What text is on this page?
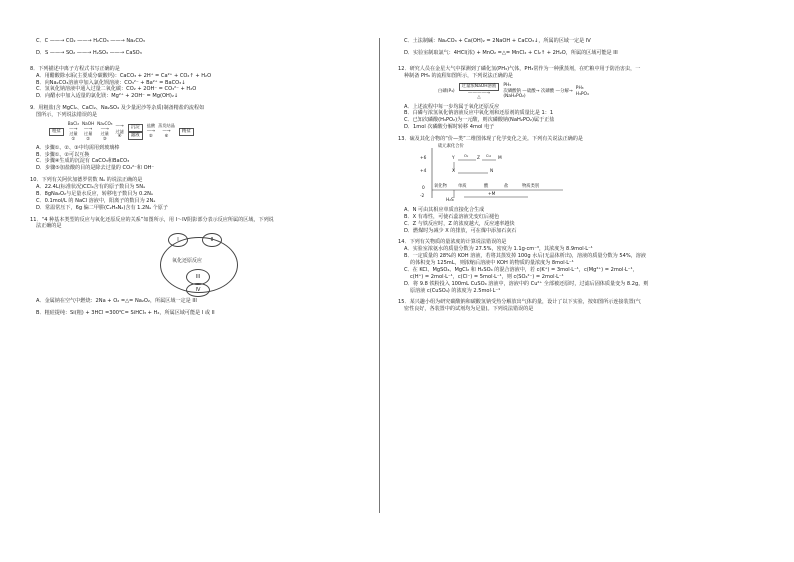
C．C ——→ CO₂ ——→ H₂CO₃ ——→ Na₂CO₃

D．S ——→ SO₂ ——→ H₂SO₃ ——→ CaSO₃

8．下列描述中离子方程式书写正确的是

A．用醋酸除水垢(主要成分碳酸钙)：CaCO₃ + 2H⁺ = Ca²⁺ + CO₂↑ + H₂O

B．向Na₂CO₃溶液中加入氯化钡溶液：CO₃²⁻ + Ba²⁺ = BaCO₃↓

C．氢氧化钠溶液中通入过量二氧化碳：CO₂ + 2OH⁻ = CO₃²⁻ + H₂O

D．向醋水中加入适量的氯化镁：Mg²⁺ + 2OH⁻ = Mg(OH)₂↓

9．用粗盐(含 MgCl₂、CaCl₂、Na₂SO₄ 及少量泥沙等杂质)制备精盐的流程如

图所示，下列说法错误的是

粗盐
BaCl₂
—→
过量
①
NaOH
—→
过量
②
Na₂CO₃
—→
过量
③
—→
过滤
④
沉淀
滤液
盐酸
—→
⑤
蒸发结晶
—→
⑥
精盐

A．步骤①、②、③中均需用到玻璃棒

B．步骤①、②可以互换

C．步骤④生成的沉淀有 CaCO₃和BaCO₃

D．步骤⑤加盐酸的目的是除去过量的 CO₃²⁻和 OH⁻

10．下列有关阿伏加德罗常数 Nₐ 的说法正确的是

A．22.4L(标准状况)CCl₄含有的原子数目为 5Nₐ

B．8gNa₂O₂与足量水反应，转移电子数目为 0.2Nₐ

C．0.1mol/L 的 NaCl 溶液中，阳离子的数目为 2Nₐ

D．常温常压下，6g 偏二甲肼(C₂H₈N₂)含有 1.2Nₐ 个原子

11．“4 种基本类型的反应与氧化还原反应的关系”如图所示，用 I～IV阴影部分表示反应所属的区域，下列说

法正确的是

I	II
III
IV
氧化还原反应

A．金属钠在空气中燃烧：2Na + O₂ =△= Na₂O₂，所属区域一定是 III

B．粗硅提纯：Si(粗) + 3HCl =300℃= SiHCl₃ + H₂，所属区域可能是 I 或 II

C．土法制碱：Na₂CO₃ + Ca(OH)₂ = 2NaOH + CaCO₃↓，所属的区域一定是 IV

D．实验室制取氯气：4HCl(浓) + MnO₂ =△= MnCl₂ + Cl₂↑ + 2H₂O，所属的区域可能是 III

12．研究人员在金星大气中探测到了磷化氢(PH₃)气体，PH₃常作为一种熏蒸剂，在贮粮中用于防治害虫，一

种制备 PH₃ 的流程如图所示，下列说法正确的是

白磷(P₄)
过量浓NaOH溶液
————→
△
PH₃
次磷酸钠 —硫酸→ 次磷酸 —分解→
(NaH₂PO₂)
PH₃
H₃PO₄

A．上述流程中每一步均属于氧化还原反应

B．白磷与浓氢氧化钠溶液反应中氧化剂和还原剂的质量比是 1：1

C．已知次磷酸(H₃PO₂)为一元酸，则次磷酸钠(NaH₂PO₂)属于正盐

D．1mol 次磷酸分解时转移 4mol 电子

13．硫及其化合物的“价—类”二维图体现了化学变化之美。下列有关说法正确的是

硫元素化合价
+6
+4
0
-2
Y	O₂ Z Cu M
X	N
H₂S
+M
氧化物	单质	酸	盐	物质类别

A．N 可由其相应单质直接化合生成

B．X 有毒性，可使石蕊溶液先变红后褪色

C．Z 与铁反应时，Z 的浓度越大，反应速率越快

D．燃煤时为减少 X 的排放，可在煤中添加石灰石

14．下列有关物质的量浓度的计算说法错误的是

A．实验室浓氨水的质量分数为 27.5%，密度为 1.1g·cm⁻³，其浓度为 8.9mol·L⁻¹

B．一定质量的 28%的 KOH 溶液，若将其蒸发掉 100g 水后(无晶体析出)，溶液的质量分数为 54%，溶液

的体积变为 125mL，则浓缩后溶液中 KOH 的物质的量浓度为 8mol·L⁻¹

C．在 KCl、MgSO₄、MgCl₂ 和 H₂SO₄ 的混合溶液中，若 c(K⁺) = 3mol·L⁻¹，c(Mg²⁺) = 2mol·L⁻¹，

c(H⁺) = 2mol·L⁻¹，c(Cl⁻) = 5mol·L⁻¹，则 c(SO₄²⁻) = 2mol·L⁻¹

D．将 9.8 铁粉投入 100mL CuSO₄ 溶液中，溶液中的 Cu²⁺ 全部被还原时，过滤后固体质量变为 8.2g，则

原溶液 c(CuSO₄) 的浓度为 2.5mol·L⁻¹

15．某兴趣小组为研究碳酸钠和碳酸氢钠受热分解放出气体的量，设计了以下实验，按如图所示连接装置(气

密性良好，各装置中的试剂均为足量)。下列说法错误的是
